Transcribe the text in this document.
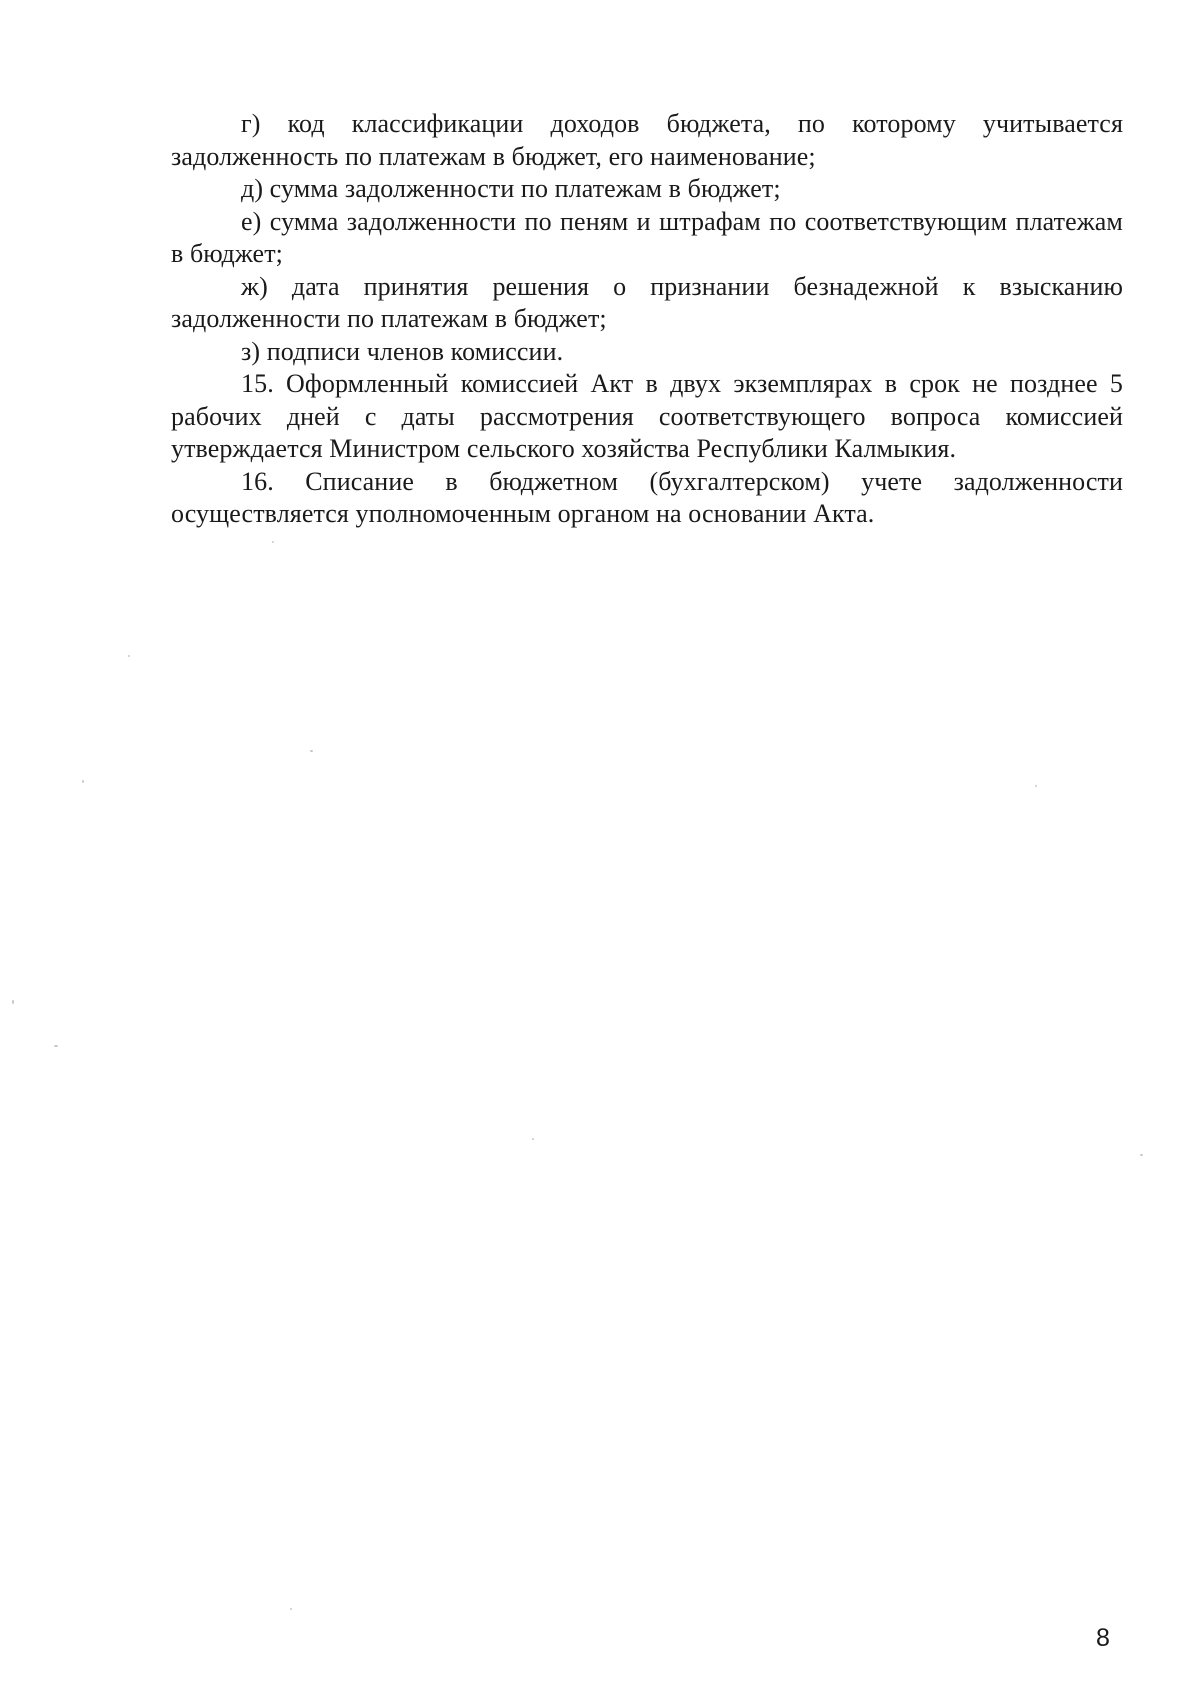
г) код классификации доходов бюджета, по которому учитывается задолженность по платежам в бюджет, его наименование;

д) сумма задолженности по платежам в бюджет;

е) сумма задолженности по пеням и штрафам по соответствующим платежам в бюджет;

ж) дата принятия решения о признании безнадежной к взысканию задолженности по платежам в бюджет;

з) подписи членов комиссии.

15. Оформленный комиссией Акт в двух экземплярах в срок не позднее 5 рабочих дней с даты рассмотрения соответствующего вопроса комиссией утверждается Министром сельского хозяйства Республики Калмыкия.

16. Списание в бюджетном (бухгалтерском) учете задолженности осуществляется уполномоченным органом на основании Акта.

8
